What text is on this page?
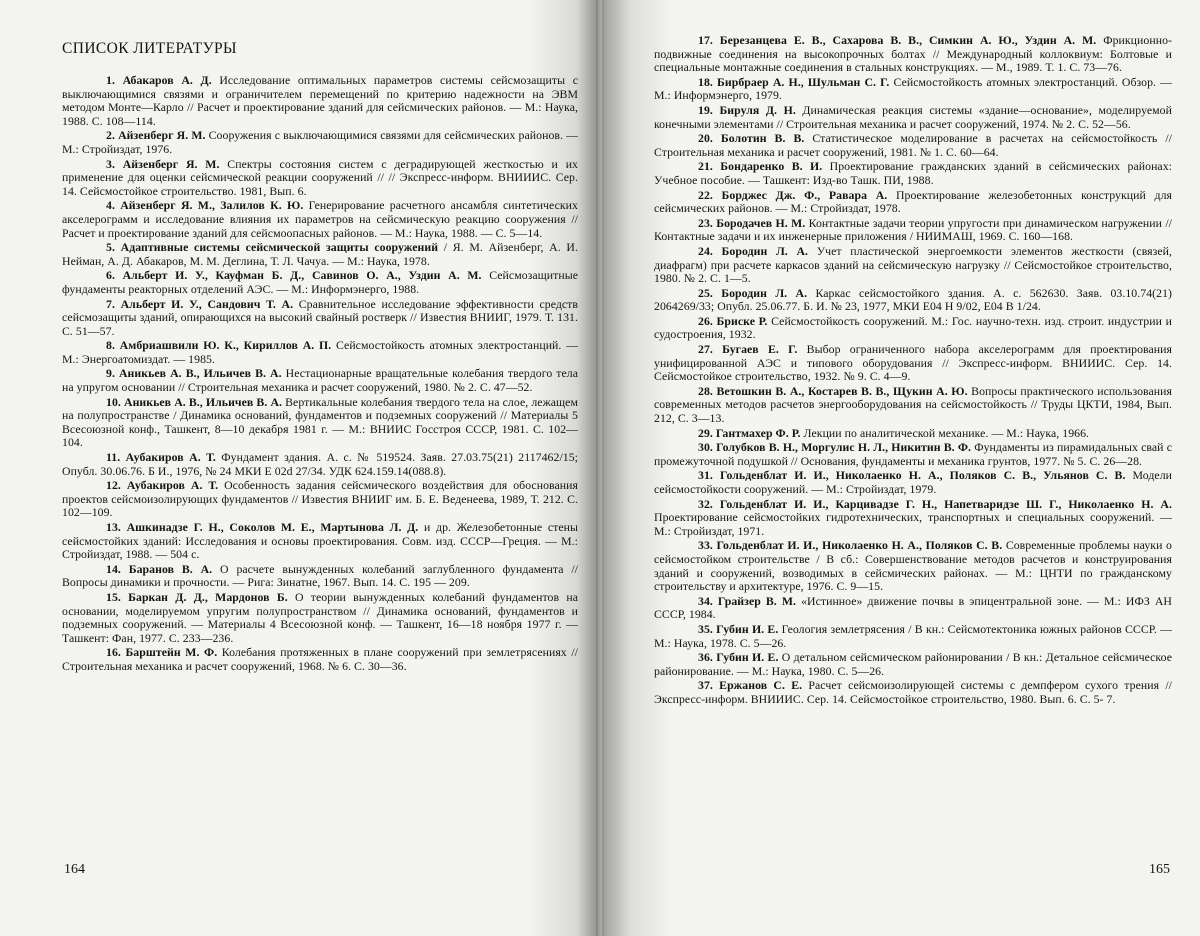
СПИСОК ЛИТЕРАТУРЫ

1. Абакаров А. Д. Исследование оптимальных параметров системы сейсмозащиты с выключающимися связями и ограничителем перемещений по критерию надежности на ЭВМ методом Монте—Карло // Расчет и проектирование зданий для сейсмических районов. — М.: Наука, 1988. С. 108—114.

2. Айзенберг Я. М. Сооружения с выключающимися связями для сейсмических районов. — М.: Стройиздат, 1976.

3. Айзенберг Я. М. Спектры состояния систем с деградирующей жесткостью и их применение для оценки сейсмической реакции сооружений // // Экспресс-информ. ВНИИИС. Сер. 14. Сейсмостойкое строительство. 1981, Вып. 6.

4. Айзенберг Я. М., Залилов К. Ю. Генерирование расчетного ансамбля синтетических акселерограмм и исследование влияния их параметров на сейсмическую реакцию сооружения // Расчет и проектирование зданий для сейсмоопасных районов. — М.: Наука, 1988. — С. 5—14.

5. Адаптивные системы сейсмической защиты сооружений / Я. М. Айзенберг, А. И. Нейман, А. Д. Абакаров, М. М. Деглина, Т. Л. Чачуа. — М.: Наука, 1978.

6. Альберт И. У., Кауфман Б. Д., Савинов О. А., Уздин А. М. Сейсмозащитные фундаменты реакторных отделений АЭС. — М.: Информэнерго, 1988.

7. Альберт И. У., Сандович Т. А. Сравнительное исследование эффективности средств сейсмозащиты зданий, опирающихся на высокий свайный ростверк // Известия ВНИИГ, 1979. Т. 131. С. 51—57.

8. Амбриашвили Ю. К., Кириллов А. П. Сейсмостойкость атомных электростанций. — М.: Энергоатомиздат. — 1985.

9. Аникьев А. В., Ильичев В. А. Нестационарные вращательные колебания твердого тела на упругом основании // Строительная механика и расчет сооружений, 1980. № 2. С. 47—52.

10. Аникьев А. В., Ильичев В. А. Вертикальные колебания твердого тела на слое, лежащем на полупространстве / Динамика оснований, фундаментов и подземных сооружений // Материалы 5 Всесоюзной конф., Ташкент, 8—10 декабря 1981 г. — М.: ВНИИС Госстроя СССР, 1981. С. 102—104.

11. Аубакиров А. Т. Фундамент здания. А. с. № 519524. Заяв. 27.03.75(21) 2117462/15; Опубл. 30.06.76. Б И., 1976, № 24 МКИ Е 02d 27/34. УДК 624.159.14(088.8).

12. Аубакиров А. Т. Особенность задания сейсмического воздействия для обоснования проектов сейсмоизолирующих фундаментов // Известия ВНИИГ им. Б. Е. Веденеева, 1989, Т. 212. С. 102—109.

13. Ашкинадзе Г. Н., Соколов М. Е., Мартынова Л. Д. и др. Железобетонные стены сейсмостойких зданий: Исследования и основы проектирования. Совм. изд. СССР—Греция. — М.: Стройиздат, 1988. — 504 с.

14. Баранов В. А. О расчете вынужденных колебаний заглубленного фундамента // Вопросы динамики и прочности. — Рига: Зинатне, 1967. Вып. 14. С. 195 — 209.

15. Баркан Д. Д., Мардонов Б. О теории вынужденных колебаний фундаментов на основании, моделируемом упругим полупространством // Динамика оснований, фундаментов и подземных сооружений. — Материалы 4 Всесоюзной конф. — Ташкент, 16—18 ноября 1977 г. — Ташкент: Фан, 1977. С. 233—236.

16. Барштейн М. Ф. Колебания протяженных в плане сооружений при землетрясениях // Строительная механика и расчет сооружений, 1968. № 6. С. 30—36.

164

17. Березанцева Е. В., Сахарова В. В., Симкин А. Ю., Уздин А. М. Фрикционно-подвижные соединения на высокопрочных болтах // Международный коллоквиум: Болтовые и специальные монтажные соединения в стальных конструкциях. — М., 1989. Т. 1. С. 73—76.

18. Бирбраер А. Н., Шульман С. Г. Сейсмостойкость атомных электростанций. Обзор. — М.: Информэнерго, 1979.

19. Бируля Д. Н. Динамическая реакция системы «здание—основание», моделируемой конечными элементами // Строительная механика и расчет сооружений, 1974. № 2. С. 52—56.

20. Болотин В. В. Статистическое моделирование в расчетах на сейсмостойкость // Строительная механика и расчет сооружений, 1981. № 1. С. 60—64.

21. Бондаренко В. И. Проектирование гражданских зданий в сейсмических районах: Учебное пособие. — Ташкент: Изд-во Ташк. ПИ, 1988.

22. Борджес Дж. Ф., Равара А. Проектирование железобетонных конструкций для сейсмических районов. — М.: Стройиздат, 1978.

23. Бородачев Н. М. Контактные задачи теории упругости при динамическом нагружении // Контактные задачи и их инженерные приложения / НИИМАШ, 1969. С. 160—168.

24. Бородин Л. А. Учет пластической энергоемкости элементов жесткости (связей, диафрагм) при расчете каркасов зданий на сейсмическую нагрузку // Сейсмостойкое строительство, 1980. № 2. С. 1—5.

25. Бородин Л. А. Каркас сейсмостойкого здания. А. с. 562630. Заяв. 03.10.74(21) 2064269/33; Опубл. 25.06.77. Б. И. № 23, 1977, МКИ Е04 Н 9/02, Е04 В 1/24.

26. Бриске Р. Сейсмостойкость сооружений. М.: Гос. научно-техн. изд. строит. индустрии и судостроения, 1932.

27. Бугаев Е. Г. Выбор ограниченного набора акселерограмм для проектирования унифицированной АЭС и типового оборудования // Экспресс-информ. ВНИИИС. Сер. 14. Сейсмостойкое строительство, 1932. № 9. С. 4—9.

28. Ветошкин В. А., Костарев В. В., Щукин А. Ю. Вопросы практического использования современных методов расчетов энергооборудования на сейсмостойкость // Труды ЦКТИ, 1984, Вып. 212, С. 3—13.

29. Гантмахер Ф. Р. Лекции по аналитической механике. — М.: Наука, 1966.

30. Голубков В. Н., Моргулис Н. Л., Никитин В. Ф. Фундаменты из пирамидальных свай с промежуточной подушкой // Основания, фундаменты и механика грунтов, 1977. № 5. С. 26—28.

31. Гольденблат И. И., Николаенко Н. А., Поляков С. В., Ульянов С. В. Модели сейсмостойкости сооружений. — М.: Стройиздат, 1979.

32. Гольденблат И. И., Карцивадзе Г. Н., Напетваридзе Ш. Г., Николаенко Н. А. Проектирование сейсмостойких гидротехнических, транспортных и специальных сооружений. — М.: Стройиздат, 1971.

33. Гольденблат И. И., Николаенко Н. А., Поляков С. В. Современные проблемы науки о сейсмостойком строительстве / В сб.: Совершенствование методов расчетов и конструирования зданий и сооружений, возводимых в сейсмических районах. — М.: ЦНТИ по гражданскому строительству и архитектуре, 1976. С. 9—15.

34. Грайзер В. М. «Истинное» движение почвы в эпицентральной зоне. — М.: ИФЗ АН СССР, 1984.

35. Губин И. Е. Геология землетрясения / В кн.: Сейсмотектоника южных районов СССР. — М.: Наука, 1978. С. 5—26.

36. Губин И. Е. О детальном сейсмическом районировании / В кн.: Детальное сейсмическое районирование. — М.: Наука, 1980. С. 5—26.

37. Ержанов С. Е. Расчет сейсмоизолирующей системы с демпфером сухого трения // Экспресс-информ. ВНИИИС. Сер. 14. Сейсмостойкое строительство, 1980. Вып. 6. С. 5- 7.

165
